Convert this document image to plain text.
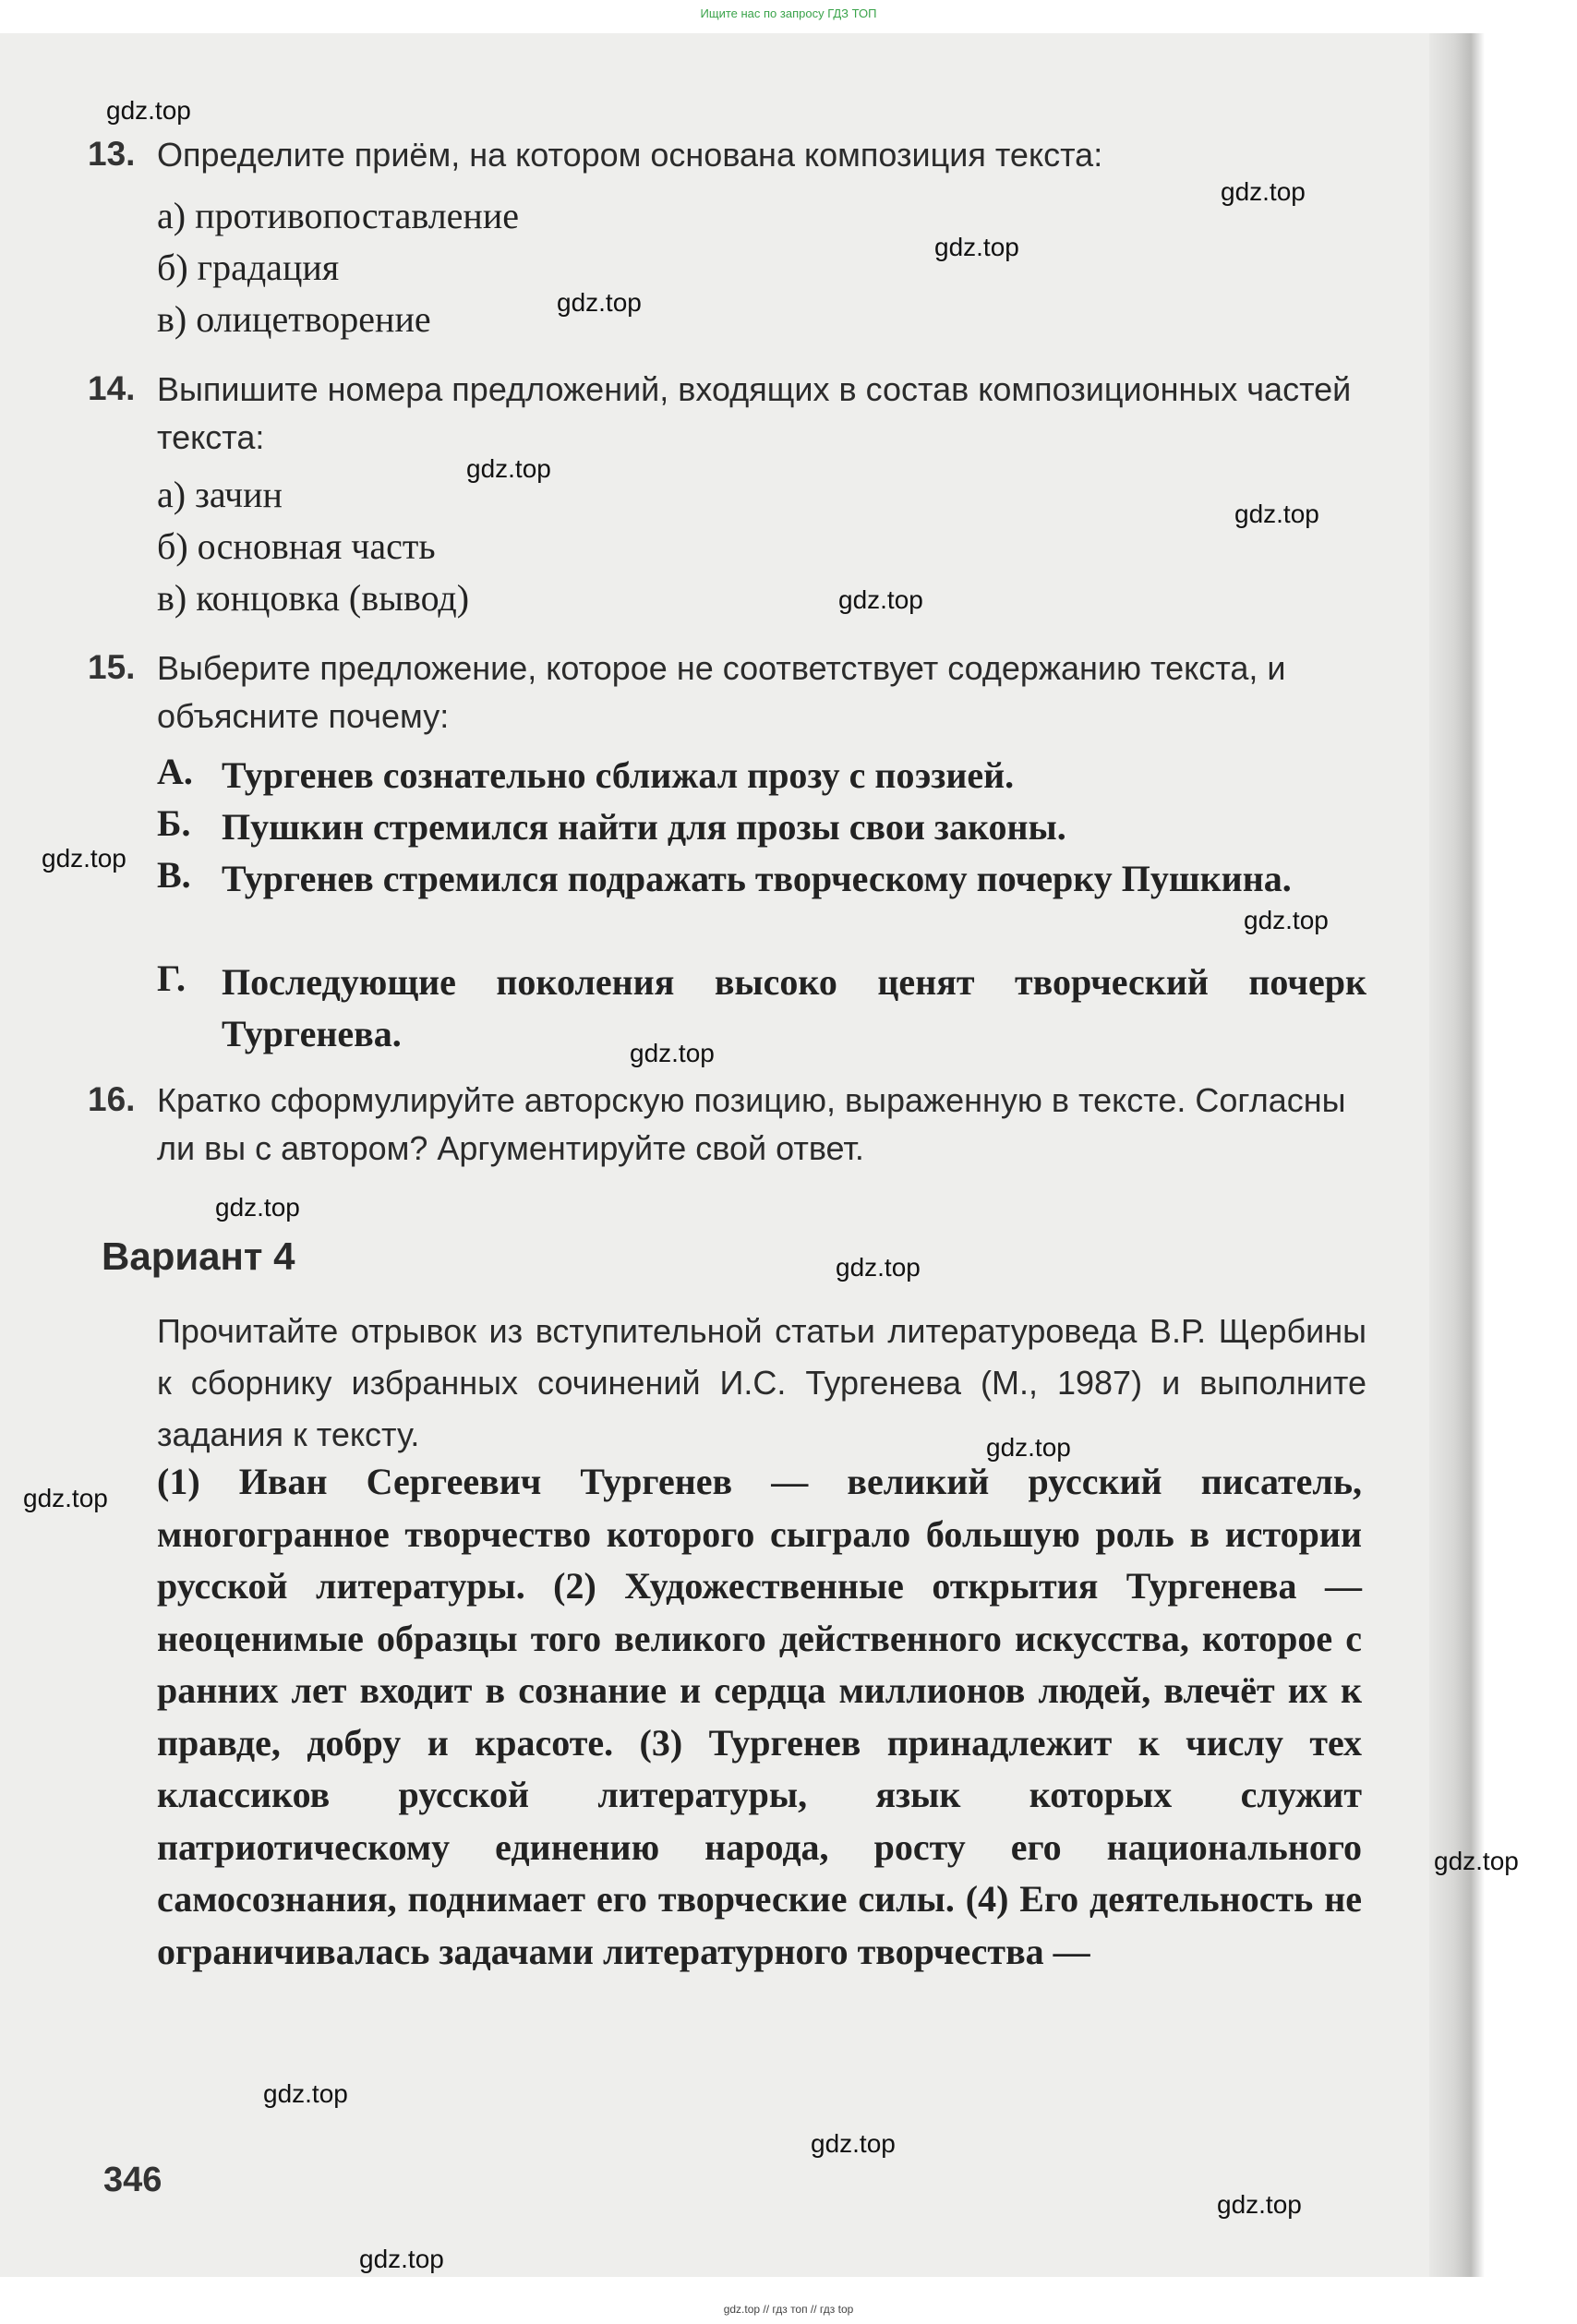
Ищите нас по запросу ГДЗ ТОП
13. Определите приём, на котором основана композиция текста:
а) противопоставление
б) градация
в) олицетворение
14. Выпишите номера предложений, входящих в состав композиционных частей текста:
а) зачин
б) основная часть
в) концовка (вывод)
15. Выберите предложение, которое не соответствует содержанию текста, и объясните почему:
А. Тургенев сознательно сближал прозу с поэзией.
Б. Пушкин стремился найти для прозы свои законы.
В. Тургенев стремился подражать творческому почерку Пушкина.
Г. Последующие поколения высоко ценят творческий почерк Тургенева.
16. Кратко сформулируйте авторскую позицию, выраженную в тексте. Согласны ли вы с автором? Аргументируйте свой ответ.
Вариант 4
Прочитайте отрывок из вступительной статьи литературоведа В.Р. Щербины к сборнику избранных сочинений И.С. Тургенева (М., 1987) и выполните задания к тексту.
(1) Иван Сергеевич Тургенев — великий русский писатель, многогранное творчество которого сыграло большую роль в истории русской литературы. (2) Художественные открытия Тургенева — неоценимые образцы того великого действенного искусства, которое с ранних лет входит в сознание и сердца миллионов людей, влечёт их к правде, добру и красоте. (3) Тургенев принадлежит к числу тех классиков русской литературы, язык которых служит патриотическому единению народа, росту его национального самосознания, поднимает его творческие силы. (4) Его деятельность не ограничивалась задачами литературного творчества —
346
gdz.top
gdz.top
gdz.top
gdz.top
gdz.top
gdz.top
gdz.top
gdz.top
gdz.top
gdz.top
gdz.top
gdz.top
gdz.top
gdz.top
gdz.top
gdz.top
gdz.top
gdz.top
gdz.top
gdz.top // гдз топ // гдз top
